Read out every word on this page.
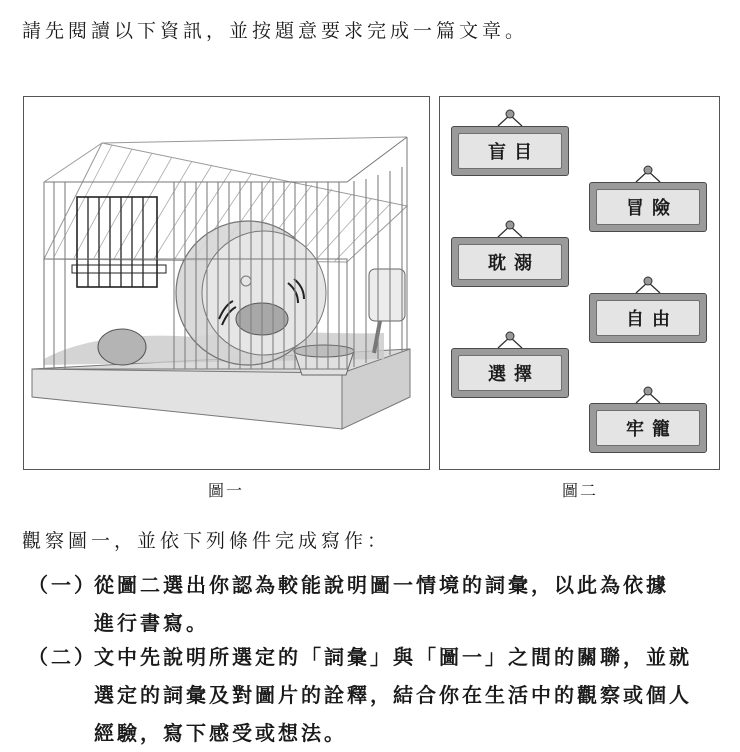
請先閱讀以下資訊，並按題意要求完成一篇文章。
圖一
盲目
冒險
耽溺
自由
選擇
牢籠
圖二
觀察圖一，並依下列條件完成寫作：
（一）
從圖二選出你認為較能說明圖一情境的詞彙，以此為依據
進行書寫。
（二）
文中先說明所選定的「詞彙」與「圖一」之間的關聯，並就
選定的詞彙及對圖片的詮釋，結合你在生活中的觀察或個人
經驗，寫下感受或想法。
